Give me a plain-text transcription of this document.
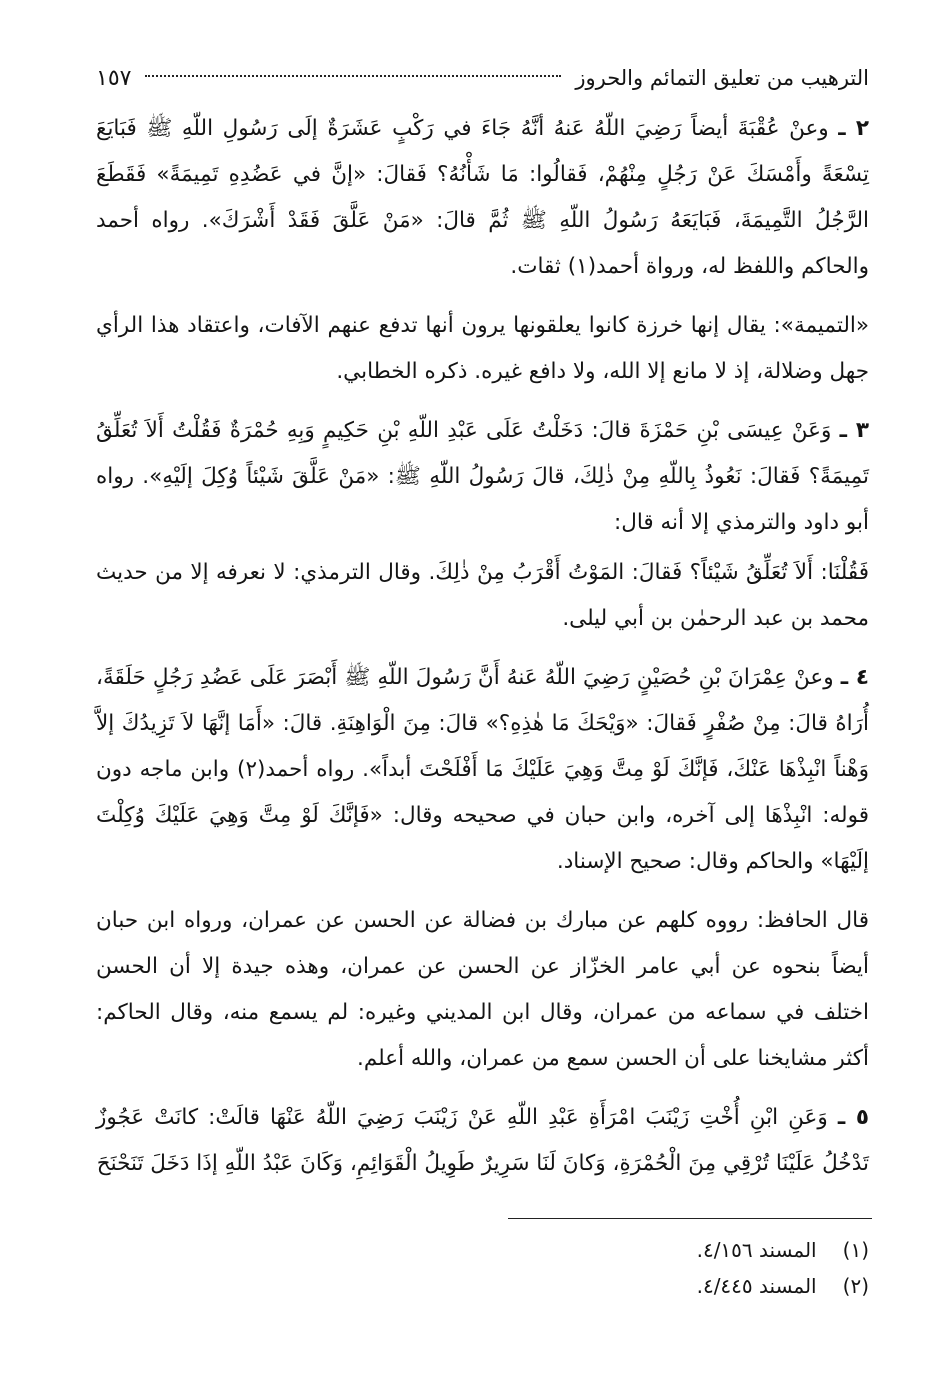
الترهيب من تعليق التمائم والحروز
١٥٧

٢ ـ وعنْ عُقْبَةَ أيضاً رَضِيَ اللّهُ عَنهُ أنَّهُ جَاءَ في رَكْبٍ عَشَرَةٌ إلَى رَسُولِ اللّهِ ﷺ فَبَايَعَ تِسْعَةً وأَمْسَكَ عَنْ رَجُلٍ مِنْهُمْ، فَقالُوا: مَا شَأْنُهُ؟ فَقالَ: «إنَّ في عَضُدِهِ تَمِيمَةً» فَقَطَعَ الرَّجُلُ التَّمِيمَةَ، فَبَايَعَهُ رَسُولُ اللّهِ ﷺ ثُمَّ قالَ: «مَنْ عَلَّقَ فَقَدْ أَشْرَكَ». رواه أحمد والحاكم واللفظ له، ورواة أحمد(١) ثقات.

«التميمة»: يقال إنها خرزة كانوا يعلقونها يرون أنها تدفع عنهم الآفات، واعتقاد هذا الرأي جهل وضلالة، إذ لا مانع إلا الله، ولا دافع غيره. ذكره الخطابي.

٣ ـ وَعَنْ عِيسَى بْنِ حَمْزَةَ قالَ: دَخَلْتُ عَلَى عَبْدِ اللّهِ بْنِ حَكِيمٍ وَبِهِ حُمْرَةٌ فَقُلْتُ أَلاَ تُعَلِّقُ تَمِيمَةً؟ فَقالَ: نَعُوذُ بِاللّهِ مِنْ ذٰلِكَ، قالَ رَسُولُ اللّهِ ﷺ: «مَنْ عَلَّقَ شَيْئاً وُكِلَ إلَيْهِ». رواه أبو داود والترمذي إلا أنه قال:

فَقُلْنَا: أَلاَ تُعَلِّقُ شَيْئاً؟ فَقالَ: المَوْتُ أَقْرَبُ مِنْ ذٰلِكَ. وقال الترمذي: لا نعرفه إلا من حديث محمد بن عبد الرحمٰن بن أبي ليلى.

٤ ـ وعنْ عِمْرَانَ بْنِ حُصَيْنٍ رَضِيَ اللّهُ عَنهُ أَنَّ رَسُولَ اللّهِ ﷺ أَبْصَرَ عَلَى عَضُدِ رَجُلٍ حَلَقَةً، أُرَاهُ قالَ: مِنْ صُفْرٍ فَقالَ: «وَيْحَكَ مَا هٰذِهِ؟» قالَ: مِنَ الْوَاهِنَةِ. قالَ: «أَمَا إنَّهَا لاَ تَزِيدُكَ إلاَّ وَهْناً انْبِذْهَا عَنْكَ، فَإنَّكَ لَوْ مِتَّ وَهِيَ عَلَيْكَ مَا أَفْلَحْتَ أبداً». رواه أحمد(٢) وابن ماجه دون قوله: انْبِذْهَا إلى آخره، وابن حبان في صحيحه وقال: «فَإنَّكَ لَوْ مِتَّ وَهِيَ عَلَيْكَ وُكِلْتَ إلَيْهَا» والحاكم وقال: صحيح الإسناد.

قال الحافظ: رووه كلهم عن مبارك بن فضالة عن الحسن عن عمران، ورواه ابن حبان أيضاً بنحوه عن أبي عامر الخزّاز عن الحسن عن عمران، وهذه جيدة إلا أن الحسن اختلف في سماعه من عمران، وقال ابن المديني وغيره: لم يسمع منه، وقال الحاكم: أكثر مشايخنا على أن الحسن سمع من عمران، والله أعلم.

٥ ـ وَعَنِ ابْنِ أُخْتِ زَيْنَبَ امْرَأَةِ عَبْدِ اللّهِ عَنْ زَيْنَبَ رَضِيَ اللّهُ عَنْهَا قالَتْ: كانَتْ عَجُوزٌ تَدْخُلُ عَلَيْنَا تُرْقِي مِنَ الْحُمْرَةِ، وَكانَ لَنَا سَرِيرٌ طَوِيلُ الْقَوَائِمِ، وَكَانَ عَبْدُ اللّهِ إذَا دَخَلَ تَنَحْنَحَ

(١)
المسند ٤/١٥٦.
(٢)
المسند ٤/٤٤٥.
